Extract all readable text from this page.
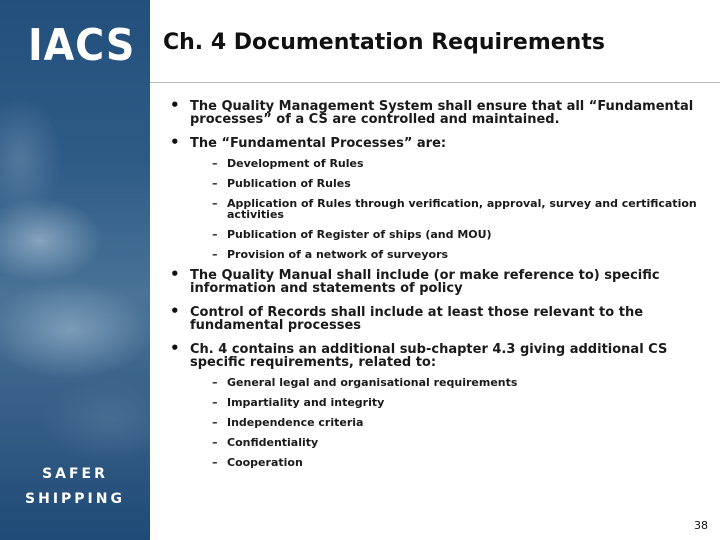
IACS
SAFER
SHIPPING
Ch. 4 Documentation Requirements
• The Quality Management System shall ensure that all “Fundamental processes” of a CS are controlled and maintained.
• The “Fundamental Processes” are:
– Development of Rules
– Publication of Rules
– Application of Rules through verification, approval, survey and certification activities
– Publication of Register of ships (and MOU)
– Provision of a network of surveyors
• The Quality Manual shall include (or make reference to) specific information and statements of policy
• Control of Records shall include at least those relevant to the fundamental processes
• Ch. 4 contains an additional sub-chapter 4.3 giving additional CS specific requirements, related to:
– General legal and organisational requirements
– Impartiality and integrity
– Independence criteria
– Confidentiality
– Cooperation
38
